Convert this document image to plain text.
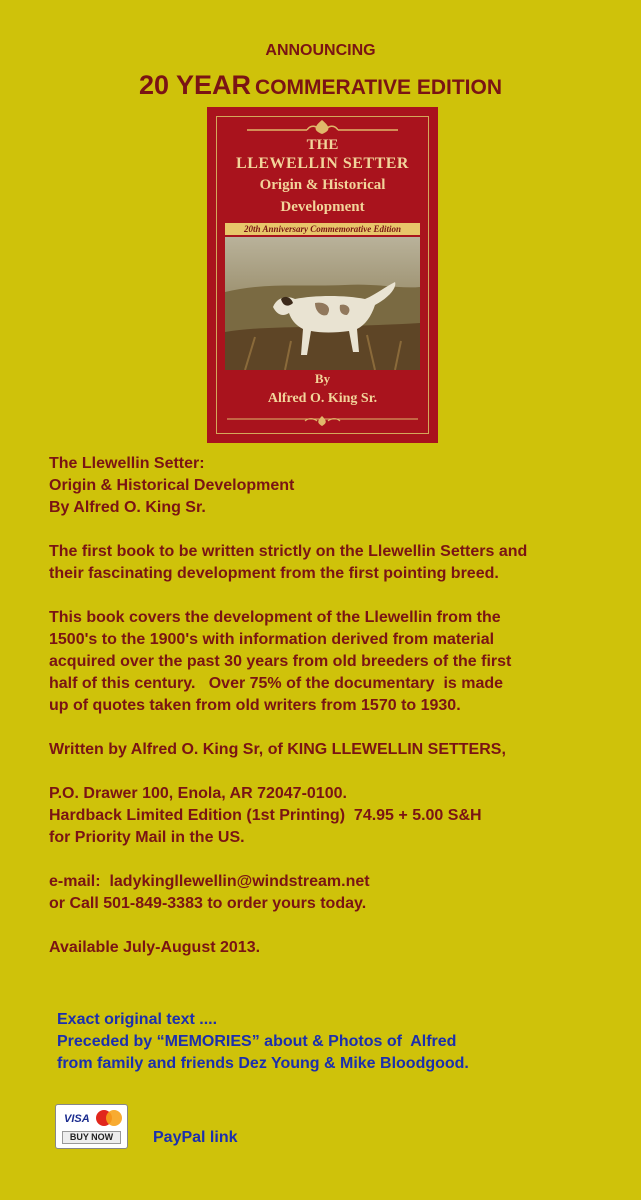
ANNOUNCING
20 YEAR COMMERATIVE EDITION
THE
LLEWELLIN SETTER
Origin & Historical
Development
20th Anniversary Commemorative Edition
By
Alfred O. King Sr.

The Llewellin Setter:

Origin & Historical Development

By Alfred O. King Sr.

The first book to be written strictly on the Llewellin Setters and

their fascinating development from the first pointing breed.

This book covers the development of the Llewellin from the

1500's to the 1900's with information derived from material

acquired over the past 30 years from old breeders of the first

half of this century.   Over 75% of the documentary  is made

up of quotes taken from old writers from 1570 to 1930.

Written by Alfred O. King Sr, of KING LLEWELLIN SETTERS,

P.O. Drawer 100, Enola, AR 72047-0100.

Hardback Limited Edition (1st Printing)  74.95 + 5.00 S&H

for Priority Mail in the US.

e-mail:  ladykingllewellin@windstream.net

or Call 501-849-3383 to order yours today.

Available July-August 2013.

Exact original text ....

Preceded by “MEMORIES” about & Photos of  Alfred

from family and friends Dez Young & Mike Bloodgood.

VISA
BUY NOW	PayPal link
